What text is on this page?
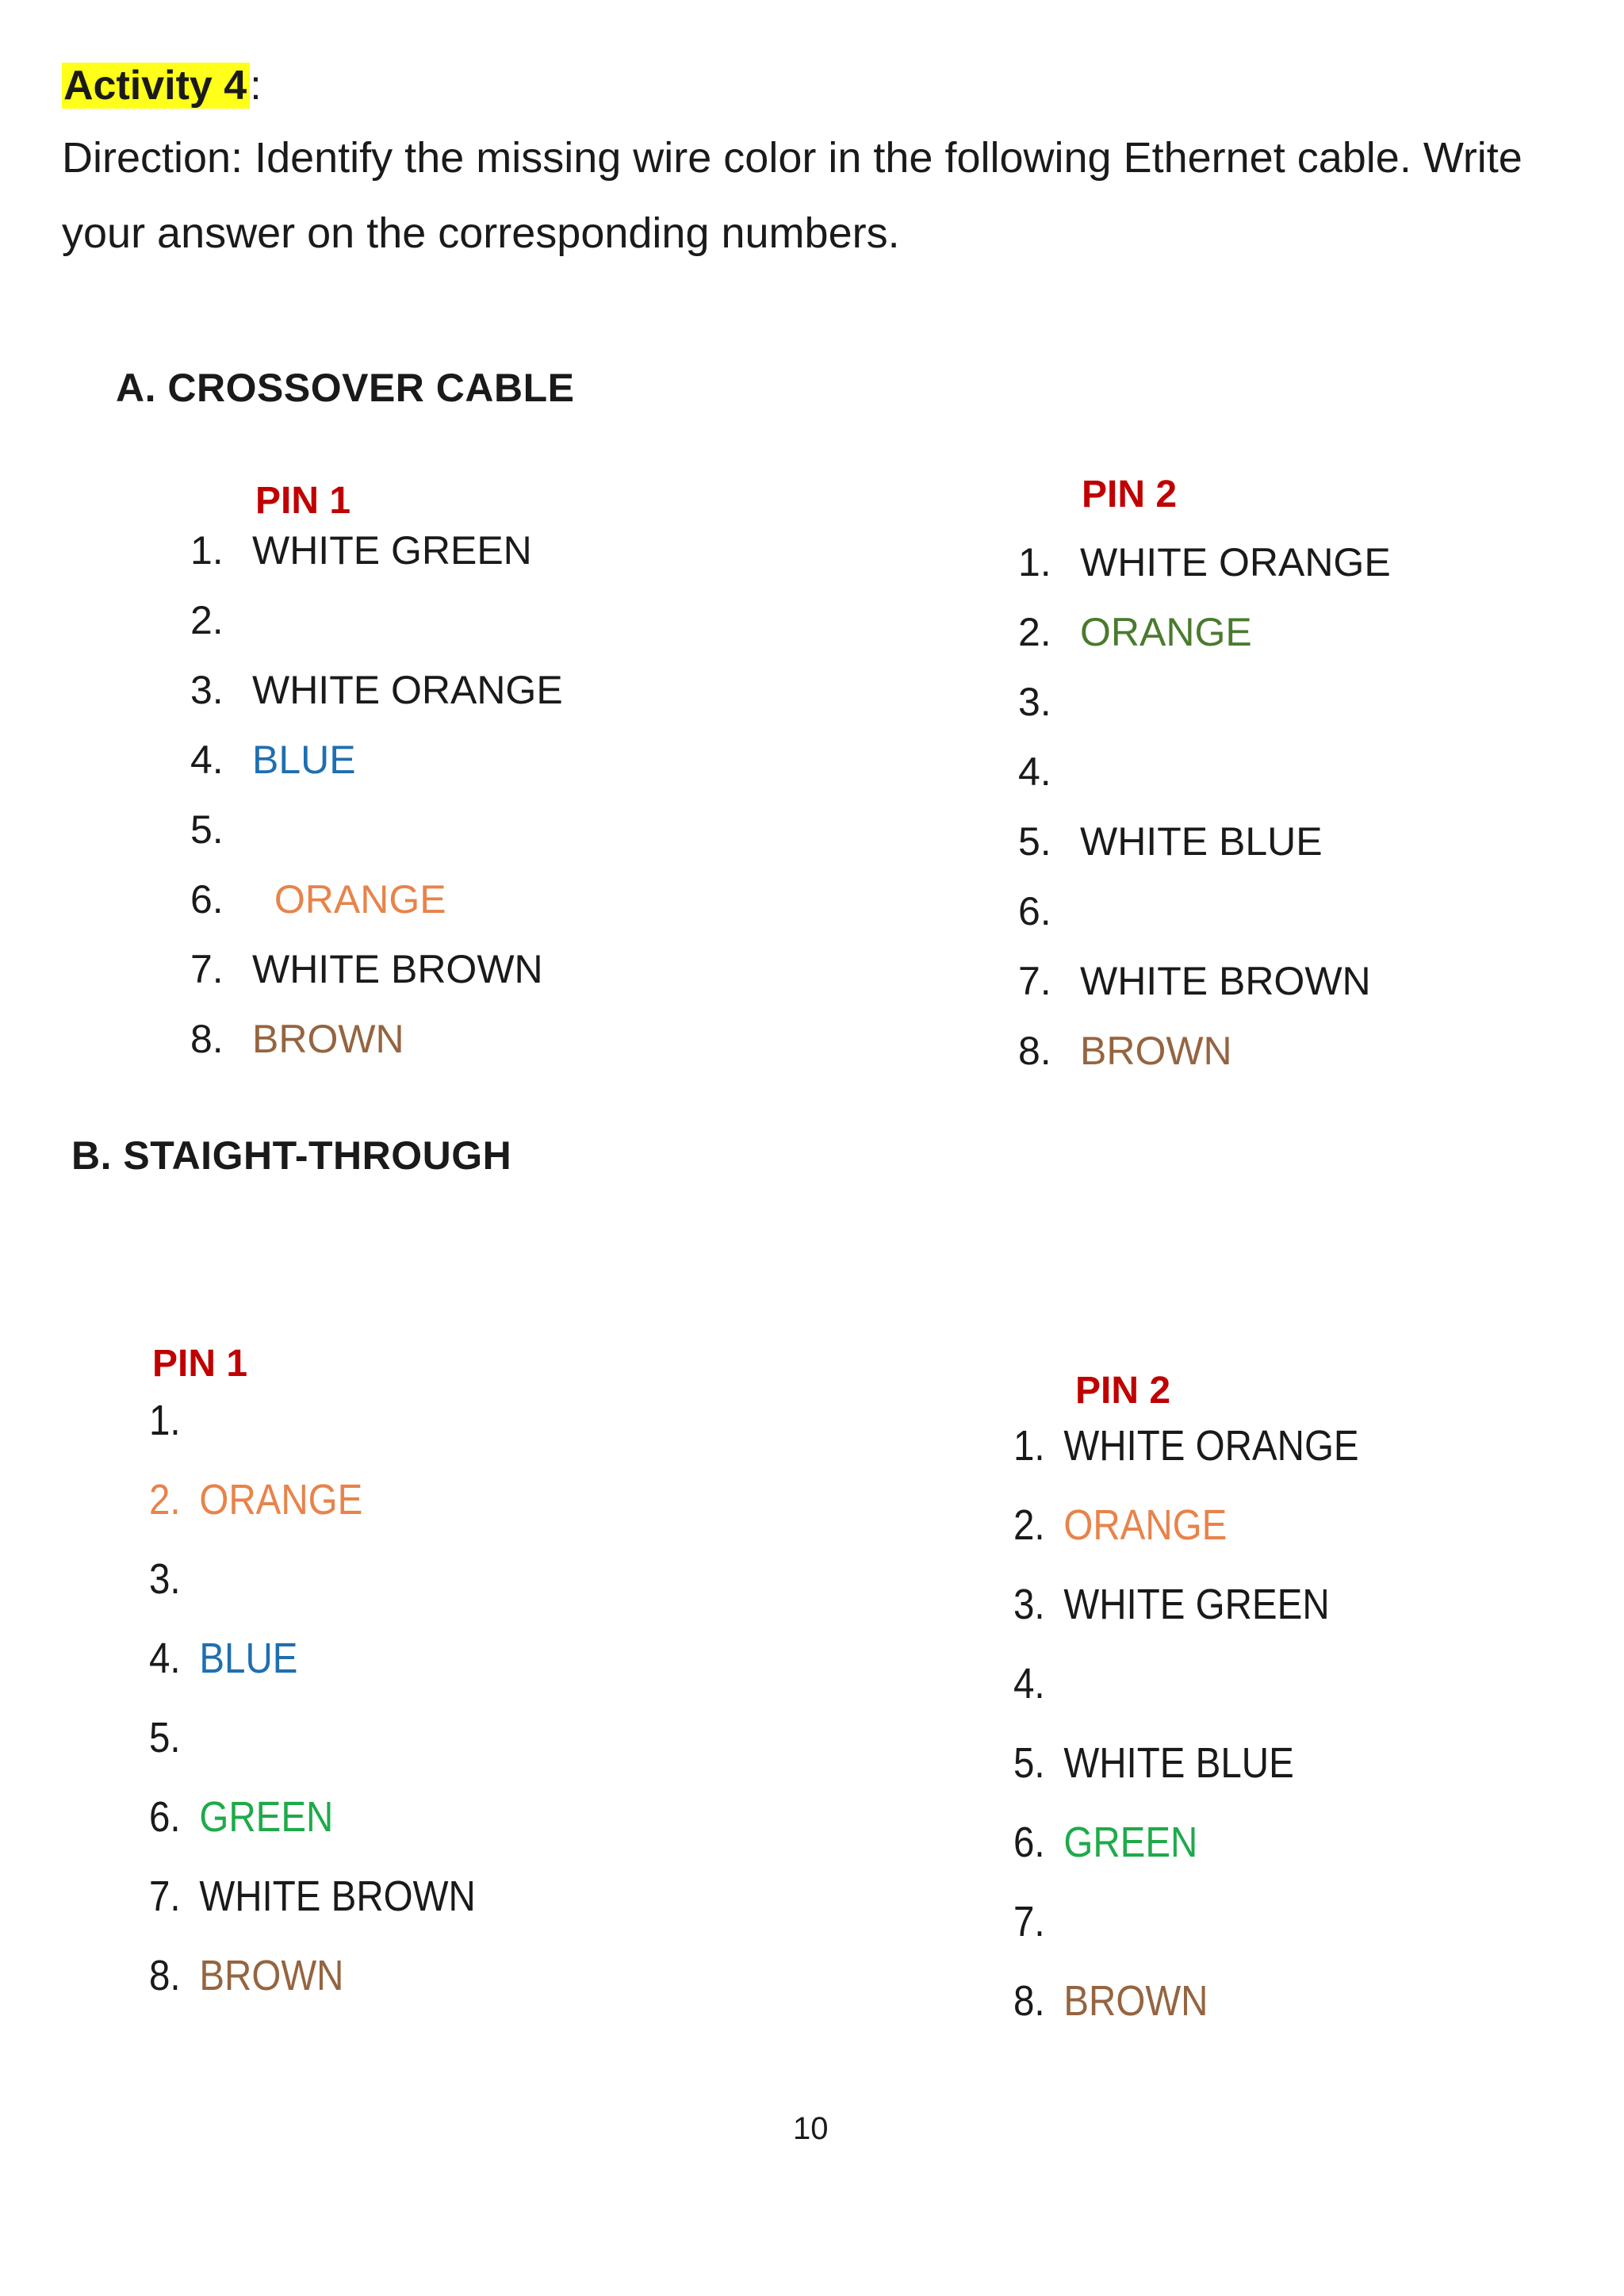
Activity 4:
Direction: Identify the missing wire color in the following Ethernet cable. Write
your answer on the corresponding numbers.
A. CROSSOVER CABLE
PIN 1
1. WHITE GREEN
2.
3. WHITE ORANGE
4. BLUE
5.
6. ORANGE
7. WHITE BROWN
8. BROWN
PIN 2
1. WHITE ORANGE
2. ORANGE
3.
4.
5. WHITE BLUE
6.
7. WHITE BROWN
8. BROWN
B. STAIGHT-THROUGH
PIN 1
1.
2. ORANGE
3.
4. BLUE
5.
6. GREEN
7. WHITE BROWN
8. BROWN
PIN 2
1. WHITE ORANGE
2. ORANGE
3. WHITE GREEN
4.
5. WHITE BLUE
6. GREEN
7.
8. BROWN
10
